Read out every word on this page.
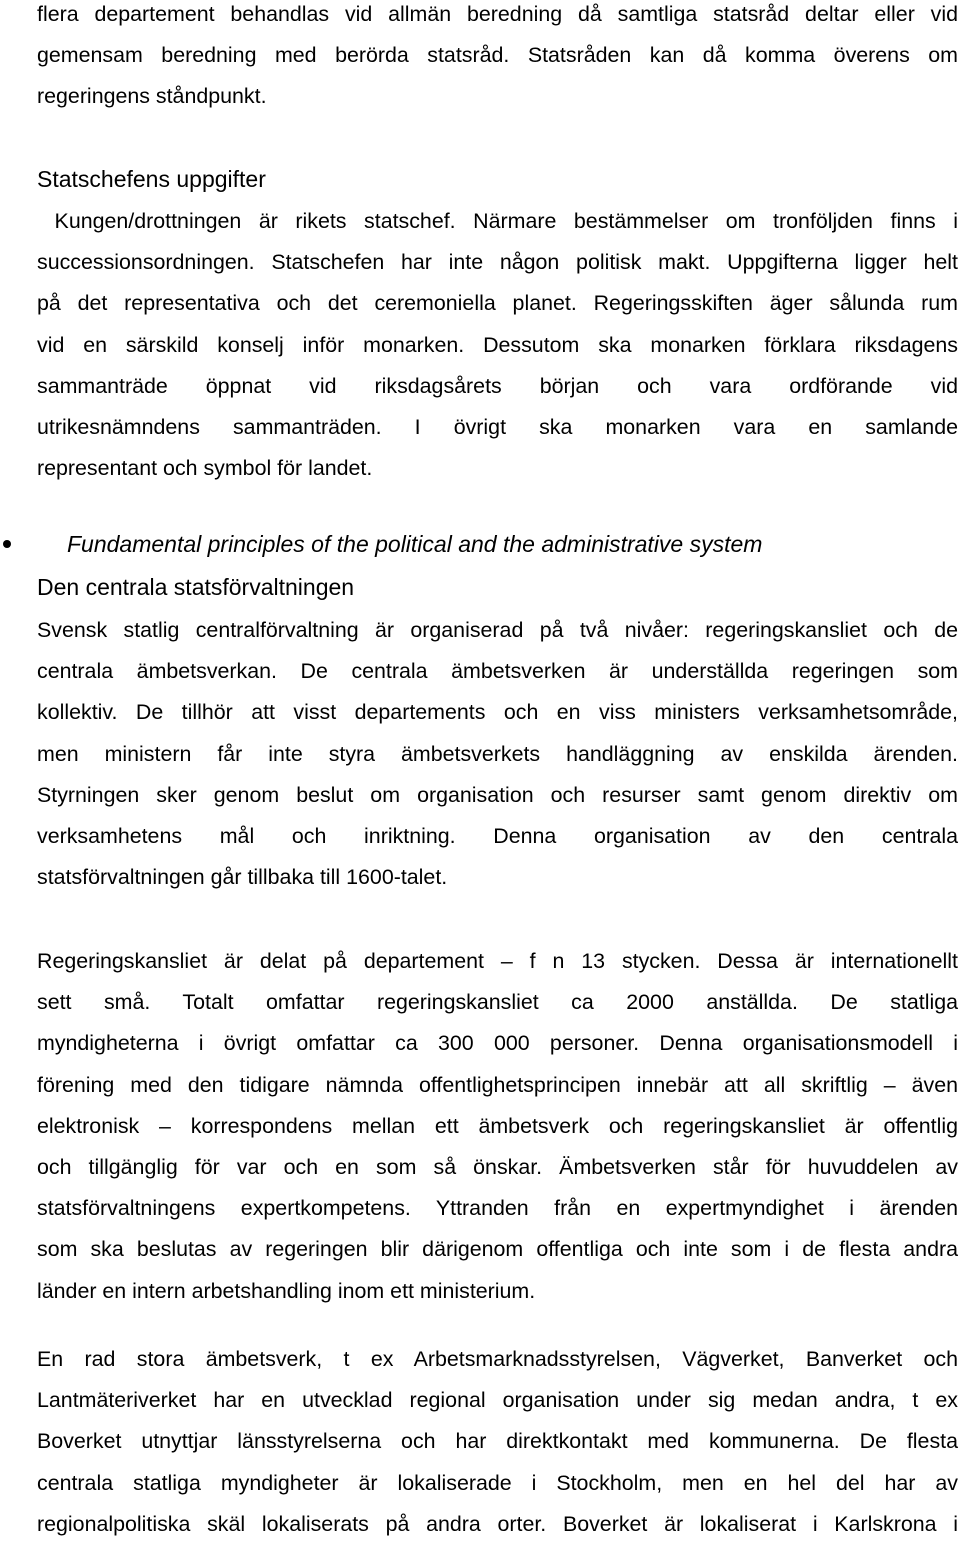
flera departement behandlas vid allmän beredning då samtliga statsråd deltar eller vid
gemensam beredning med berörda statsråd. Statsråden kan då komma överens om
regeringens ståndpunkt.
Statschefens uppgifter
Kungen/drottningen är rikets statschef. Närmare bestämmelser om tronföljden finns i
successionsordningen. Statschefen har inte någon politisk makt. Uppgifterna ligger helt
på det representativa och det ceremoniella planet. Regeringsskiften äger sålunda rum
vid en särskild konselj inför monarken. Dessutom ska monarken förklara riksdagens
sammanträde öppnat vid riksdagsårets början och vara ordförande vid
utrikesnämndens sammanträden. I övrigt ska monarken vara en samlande
representant och symbol för landet.
Fundamental principles of the political and the administrative system
Den centrala statsförvaltningen
Svensk statlig centralförvaltning är organiserad på två nivåer: regeringskansliet och de
centrala ämbetsverkan. De centrala ämbetsverken är underställda regeringen som
kollektiv. De tillhör att visst departements och en viss ministers verksamhetsområde,
men ministern får inte styra ämbetsverkets handläggning av enskilda ärenden.
Styrningen sker genom beslut om organisation och resurser samt genom direktiv om
verksamhetens mål och inriktning. Denna organisation av den centrala
statsförvaltningen går tillbaka till 1600-talet.
Regeringskansliet är delat på departement – f n 13 stycken. Dessa är internationellt
sett små. Totalt omfattar regeringskansliet ca 2000 anställda. De statliga
myndigheterna i övrigt omfattar ca 300 000 personer. Denna organisationsmodell i
förening med den tidigare nämnda offentlighetsprincipen innebär att all skriftlig – även
elektronisk – korrespondens mellan ett ämbetsverk och regeringskansliet är offentlig
och tillgänglig för var och en som så önskar. Ämbetsverken står för huvuddelen av
statsförvaltningens expertkompetens. Yttranden från en expertmyndighet i ärenden
som ska beslutas av regeringen blir därigenom offentliga och inte som i de flesta andra
länder en intern arbetshandling inom ett ministerium.
En rad stora ämbetsverk, t ex Arbetsmarknadsstyrelsen, Vägverket, Banverket och
Lantmäteriverket har en utvecklad regional organisation under sig medan andra, t ex
Boverket utnyttjar länsstyrelserna och har direktkontakt med kommunerna. De flesta
centrala statliga myndigheter är lokaliserade i Stockholm, men en hel del har av
regionalpolitiska skäl lokaliserats på andra orter. Boverket är lokaliserat i Karlskrona i
